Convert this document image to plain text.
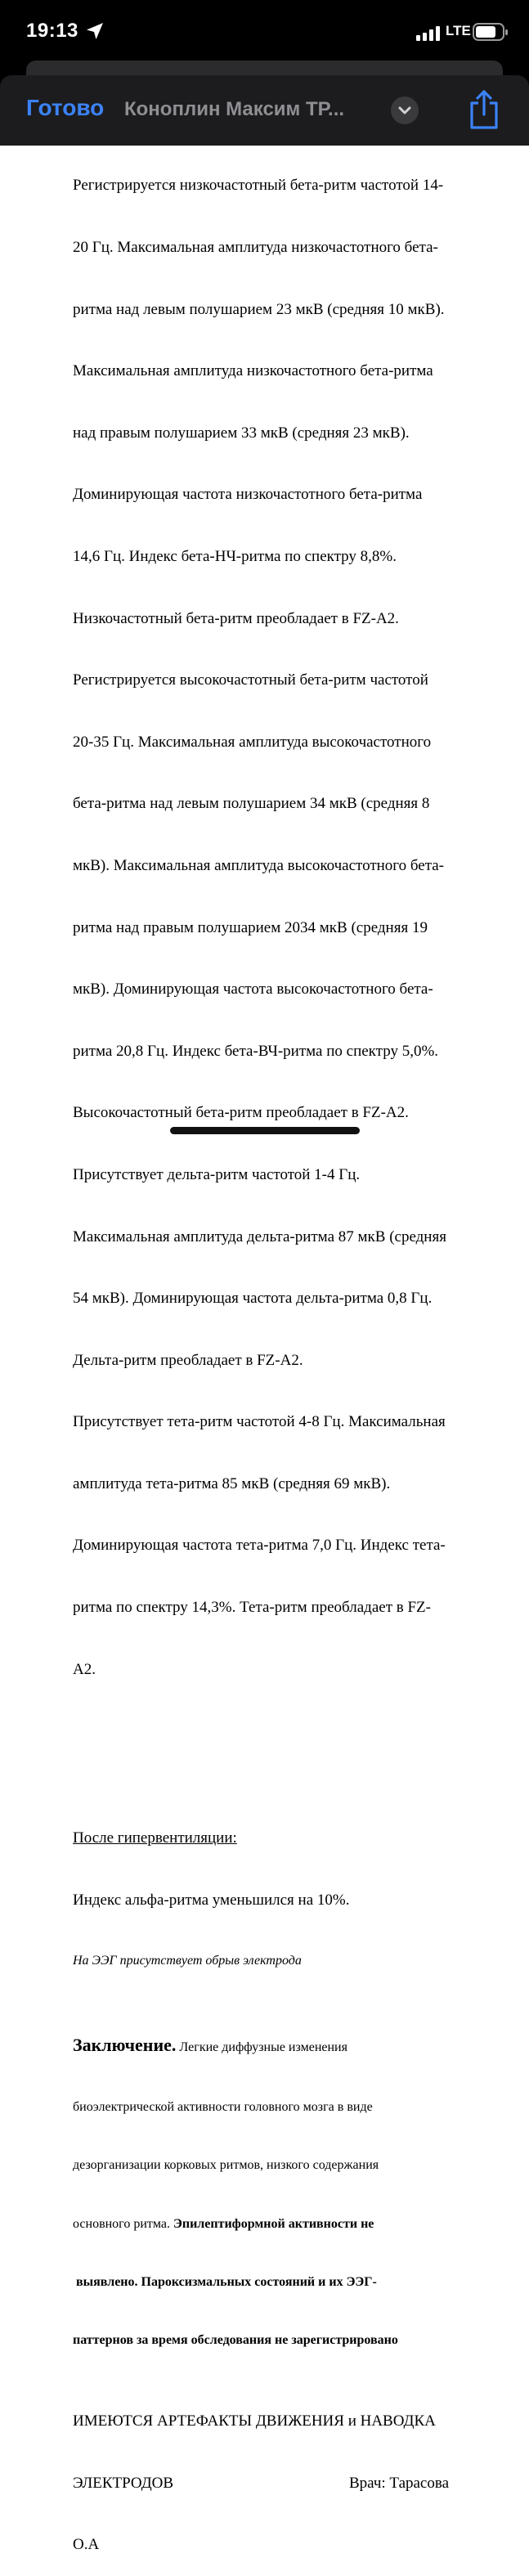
19:13	LTE
Готово Коноплин Максим ТР...

Регистрируется низкочастотный бета-ритм частотой 14-

20 Гц. Максимальная амплитуда низкочастотного бета-

ритма над левым полушарием 23 мкВ (средняя 10 мкВ).

Максимальная амплитуда низкочастотного бета-ритма

над правым полушарием 33 мкВ (средняя 23 мкВ).

Доминирующая частота низкочастотного бета-ритма

14,6 Гц. Индекс бета-НЧ-ритма по спектру 8,8%.

Низкочастотный бета-ритм преобладает в FZ-A2.

Регистрируется высокочастотный бета-ритм частотой

20-35 Гц. Максимальная амплитуда высокочастотного

бета-ритма над левым полушарием 34 мкВ (средняя 8

мкВ). Максимальная амплитуда высокочастотного бета-

ритма над правым полушарием 2034 мкВ (средняя 19

мкВ). Доминирующая частота высокочастотного бета-

ритма 20,8 Гц. Индекс бета-ВЧ-ритма по спектру 5,0%.

Высокочастотный бета-ритм преобладает в FZ-A2.

Присутствует дельта-ритм частотой 1-4 Гц.

Максимальная амплитуда дельта-ритма 87 мкВ (средняя

54 мкВ). Доминирующая частота дельта-ритма 0,8 Гц.

Дельта-ритм преобладает в FZ-A2.

Присутствует тета-ритм частотой 4-8 Гц. Максимальная

амплитуда тета-ритма 85 мкВ (средняя 69 мкВ).

Доминирующая частота тета-ритма 7,0 Гц. Индекс тета-

ритма по спектру 14,3%. Тета-ритм преобладает в FZ-

A2.

После гипервентиляции:

Индекс альфа-ритма уменьшился на 10%.

На ЭЭГ присутствует обрыв электрода

Заключение. Легкие диффузные изменения

биоэлектрической активности головного мозга в виде

дезорганизации корковых ритмов, низкого содержания

основного ритма. Эпилептиформной активности не

выявлено. Пароксизмальных состояний и их ЭЭГ-

паттернов за время обследования не зарегистрировано

ИМЕЮТСЯ АРТЕФАКТЫ ДВИЖЕНИЯ и НАВОДКА

ЭЛЕКТРОДОВ	Врач: Тарасова

О.А
